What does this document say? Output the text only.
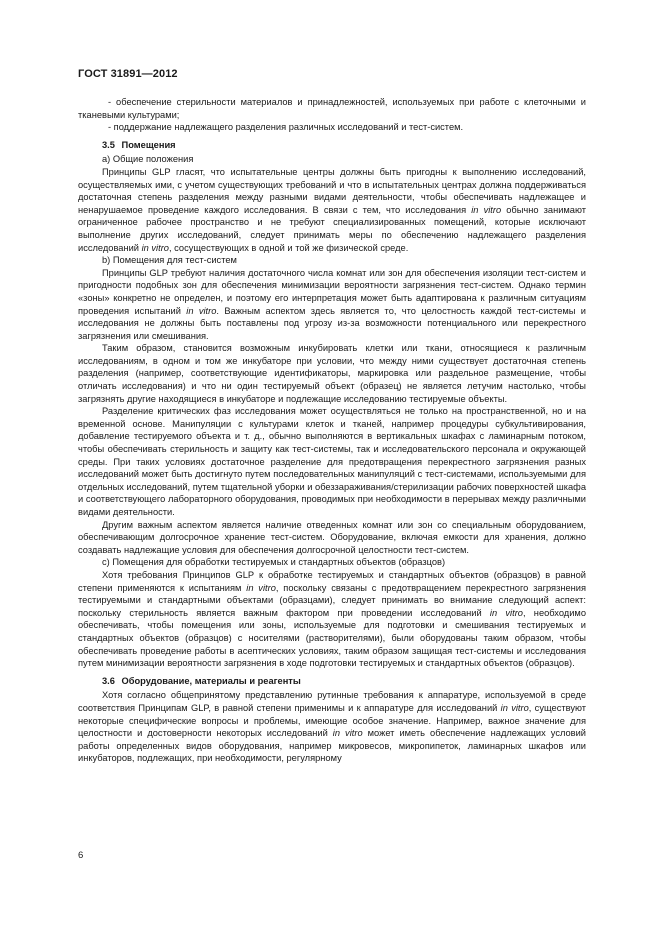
ГОСТ 31891—2012

- обеспечение стерильности материалов и принадлежностей, используемых при работе с клеточными и тканевыми культурами;

- поддержание надлежащего разделения различных исследований и тест-систем.

3.5 Помещения

а) Общие положения

Принципы GLP гласят, что испытательные центры должны быть пригодны к выполнению исследований, осуществляемых ими, с учетом существующих требований и что в испытательных центрах должна поддерживаться достаточная степень разделения между разными видами деятельности, чтобы обеспечивать надлежащее и ненарушаемое проведение каждого исследования. В связи с тем, что исследования in vitro обычно занимают ограниченное рабочее пространство и не требуют специализированных помещений, которые исключают выполнение других исследований, следует принимать меры по обеспечению надлежащего разделения исследований in vitro, сосуществующих в одной и той же физической среде.

b) Помещения для тест-систем

Принципы GLP требуют наличия достаточного числа комнат или зон для обеспечения изоляции тест-систем и пригодности подобных зон для обеспечения минимизации вероятности загрязнения тест-систем. Однако термин «зоны» конкретно не определен, и поэтому его интерпретация может быть адаптирована к различным ситуациям проведения испытаний in vitro. Важным аспектом здесь является то, что целостность каждой тест-системы и исследования не должны быть поставлены под угрозу из-за возможности потенциального или перекрестного загрязнения или смешивания.

Таким образом, становится возможным инкубировать клетки или ткани, относящиеся к различным исследованиям, в одном и том же инкубаторе при условии, что между ними существует достаточная степень разделения (например, соответствующие идентификаторы, маркировка или раздельное размещение, чтобы отличать исследования) и что ни один тестируемый объект (образец) не является летучим настолько, чтобы загрязнять другие находящиеся в инкубаторе и подлежащие исследованию тестируемые объекты.

Разделение критических фаз исследования может осуществляться не только на пространственной, но и на временной основе. Манипуляции с культурами клеток и тканей, например процедуры субкультивирования, добавление тестируемого объекта и т. д., обычно выполняются в вертикальных шкафах с ламинарным потоком, чтобы обеспечивать стерильность и защиту как тест-системы, так и исследовательского персонала и окружающей среды. При таких условиях достаточное разделение для предотвращения перекрестного загрязнения разных исследований может быть достигнуто путем последовательных манипуляций с тест-системами, используемыми для отдельных исследований, путем тщательной уборки и обеззараживания/стерилизации рабочих поверхностей шкафа и соответствующего лабораторного оборудования, проводимых при необходимости в перерывах между различными видами деятельности.

Другим важным аспектом является наличие отведенных комнат или зон со специальным оборудованием, обеспечивающим долгосрочное хранение тест-систем. Оборудование, включая емкости для хранения, должно создавать надлежащие условия для обеспечения долгосрочной целостности тест-систем.

c) Помещения для обработки тестируемых и стандартных объектов (образцов)

Хотя требования Принципов GLP к обработке тестируемых и стандартных объектов (образцов) в равной степени применяются к испытаниям in vitro, поскольку связаны с предотвращением перекрестного загрязнения тестируемыми и стандартными объектами (образцами), следует принимать во внимание следующий аспект: поскольку стерильность является важным фактором при проведении исследований in vitro, необходимо обеспечивать, чтобы помещения или зоны, используемые для подготовки и смешивания тестируемых и стандартных объектов (образцов) с носителями (растворителями), были оборудованы таким образом, чтобы обеспечивать проведение работы в асептических условиях, таким образом защищая тест-системы и исследования путем минимизации вероятности загрязнения в ходе подготовки тестируемых и стандартных объектов (образцов).

3.6 Оборудование, материалы и реагенты

Хотя согласно общепринятому представлению рутинные требования к аппаратуре, используемой в среде соответствия Принципам GLP, в равной степени применимы и к аппаратуре для исследований in vitro, существуют некоторые специфические вопросы и проблемы, имеющие особое значение. Например, важное значение для целостности и достоверности некоторых исследований in vitro может иметь обеспечение надлежащих условий работы определенных видов оборудования, например микровесов, микропипеток, ламинарных шкафов или инкубаторов, подлежащих, при необходимости, регулярному

6
